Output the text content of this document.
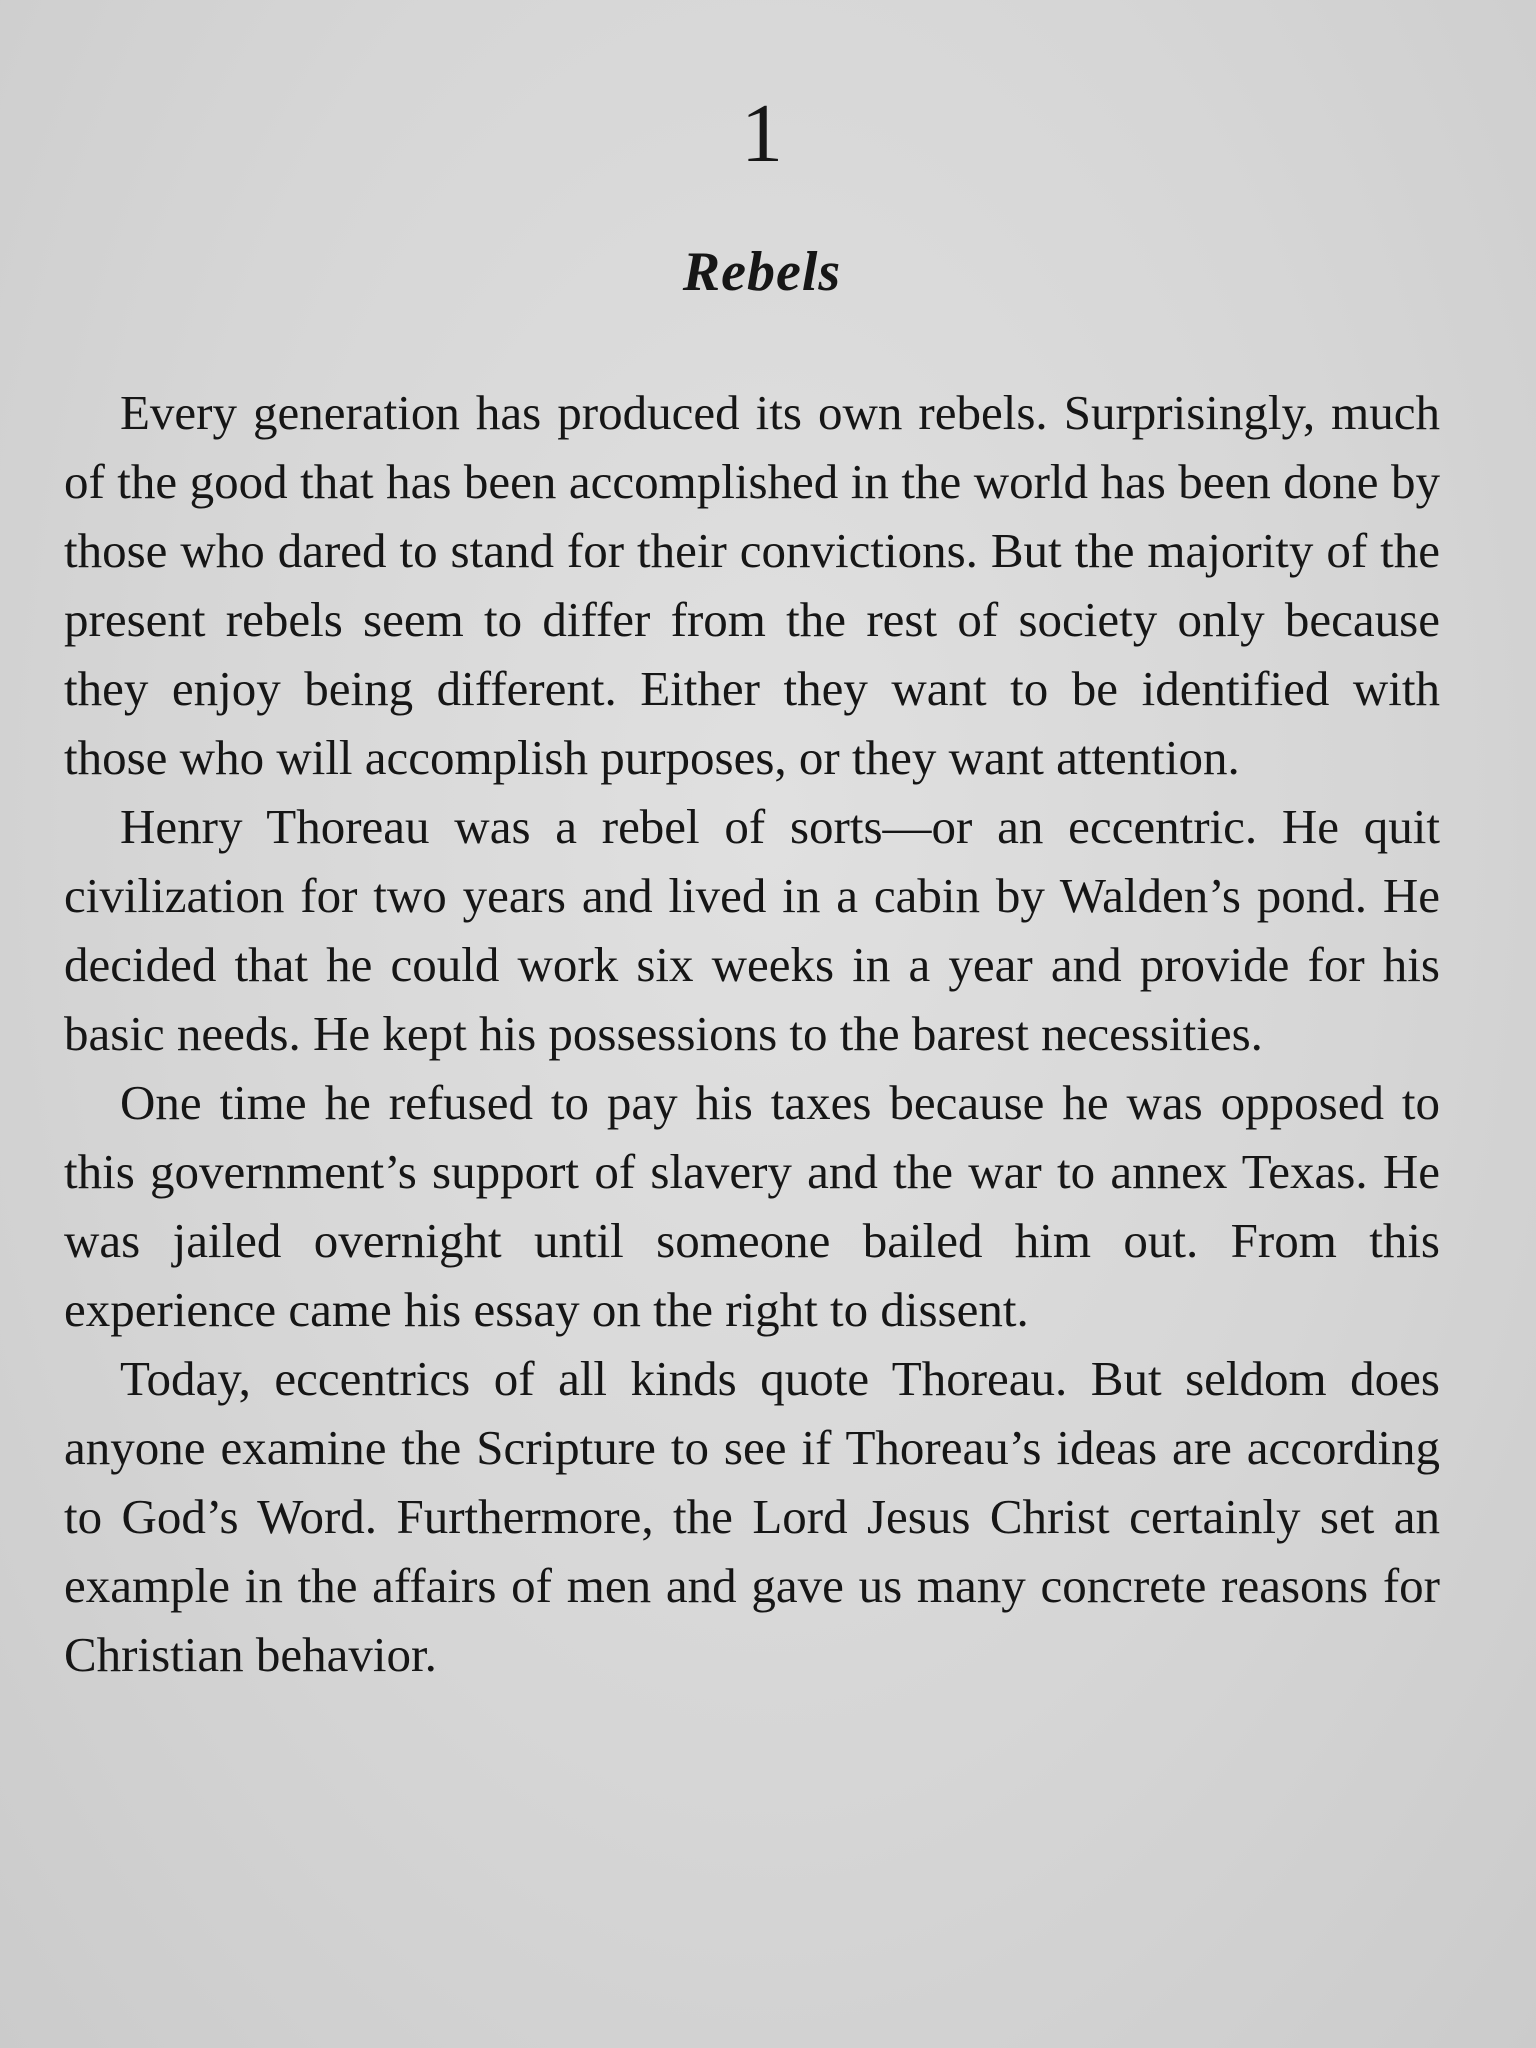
1
Rebels

Every generation has produced its own rebels. Surprisingly, much of the good that has been accomplished in the world has been done by those who dared to stand for their convictions. But the majority of the present rebels seem to differ from the rest of society only because they enjoy being different. Either they want to be identified with those who will accomplish purposes, or they want attention.

Henry Thoreau was a rebel of sorts—or an eccentric. He quit civilization for two years and lived in a cabin by Walden’s pond. He decided that he could work six weeks in a year and provide for his basic needs. He kept his possessions to the barest necessities.

One time he refused to pay his taxes because he was opposed to this government’s support of slavery and the war to annex Texas. He was jailed overnight until someone bailed him out. From this experience came his essay on the right to dissent.

Today, eccentrics of all kinds quote Thoreau. But seldom does anyone examine the Scripture to see if Thoreau’s ideas are according to God’s Word. Furthermore, the Lord Jesus Christ certainly set an example in the affairs of men and gave us many concrete reasons for Christian behavior.
